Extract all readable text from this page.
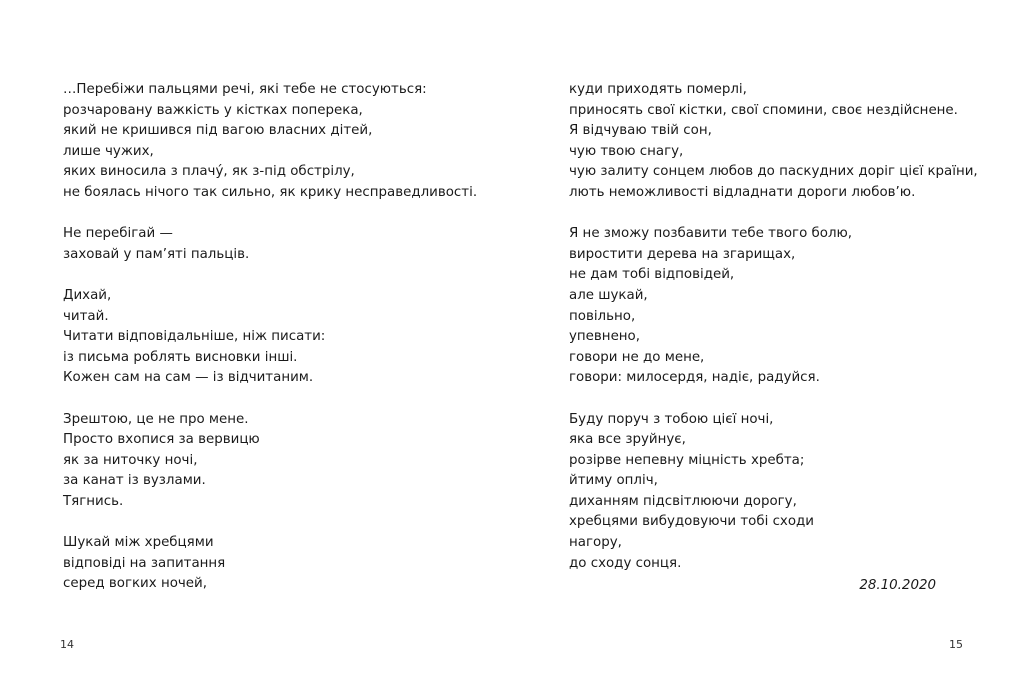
…Перебіжи пальцями речі, які тебе не стосуються:
розчаровану важкість у кістках поперека,
який не кришився під вагою власних дітей,
лише чужих,
яких виносила з плачу́, як з-під обстрілу,
не боялась нічого так сильно, як крику несправедливості.
Не перебігай —
заховай у пам’яті пальців.
Дихай,
читай.
Читати відповідальніше, ніж писати:
із письма роблять висновки інші.
Кожен сам на сам — із відчитаним.
Зрештою, це не про мене.
Просто вхопися за вервицю
як за ниточку ночі,
за канат із вузлами.
Тягнись.
Шукай між хребцями
відповіді на запитання
серед вогких ночей,
14
куди приходять померлі,
приносять свої кістки, свої спомини, своє нездійснене.
Я відчуваю твій сон,
чую твою снагу,
чую залиту сонцем любов до паскудних доріг цієї країни,
лють неможливості відладнати дороги любов’ю.
Я не зможу позбавити тебе твого болю,
виростити дерева на згарищах,
не дам тобі відповідей,
але шукай,
повільно,
упевнено,
говори не до мене,
говори: милосердя, надіє, радуйся.
Буду поруч з тобою цієї ночі,
яка все зруйнує,
розірве непевну міцність хребта;
йтиму опліч,
диханням підсвітлюючи дорогу,
хребцями вибудовуючи тобі сходи
нагору,
до сходу сонця.
28.10.2020
15
